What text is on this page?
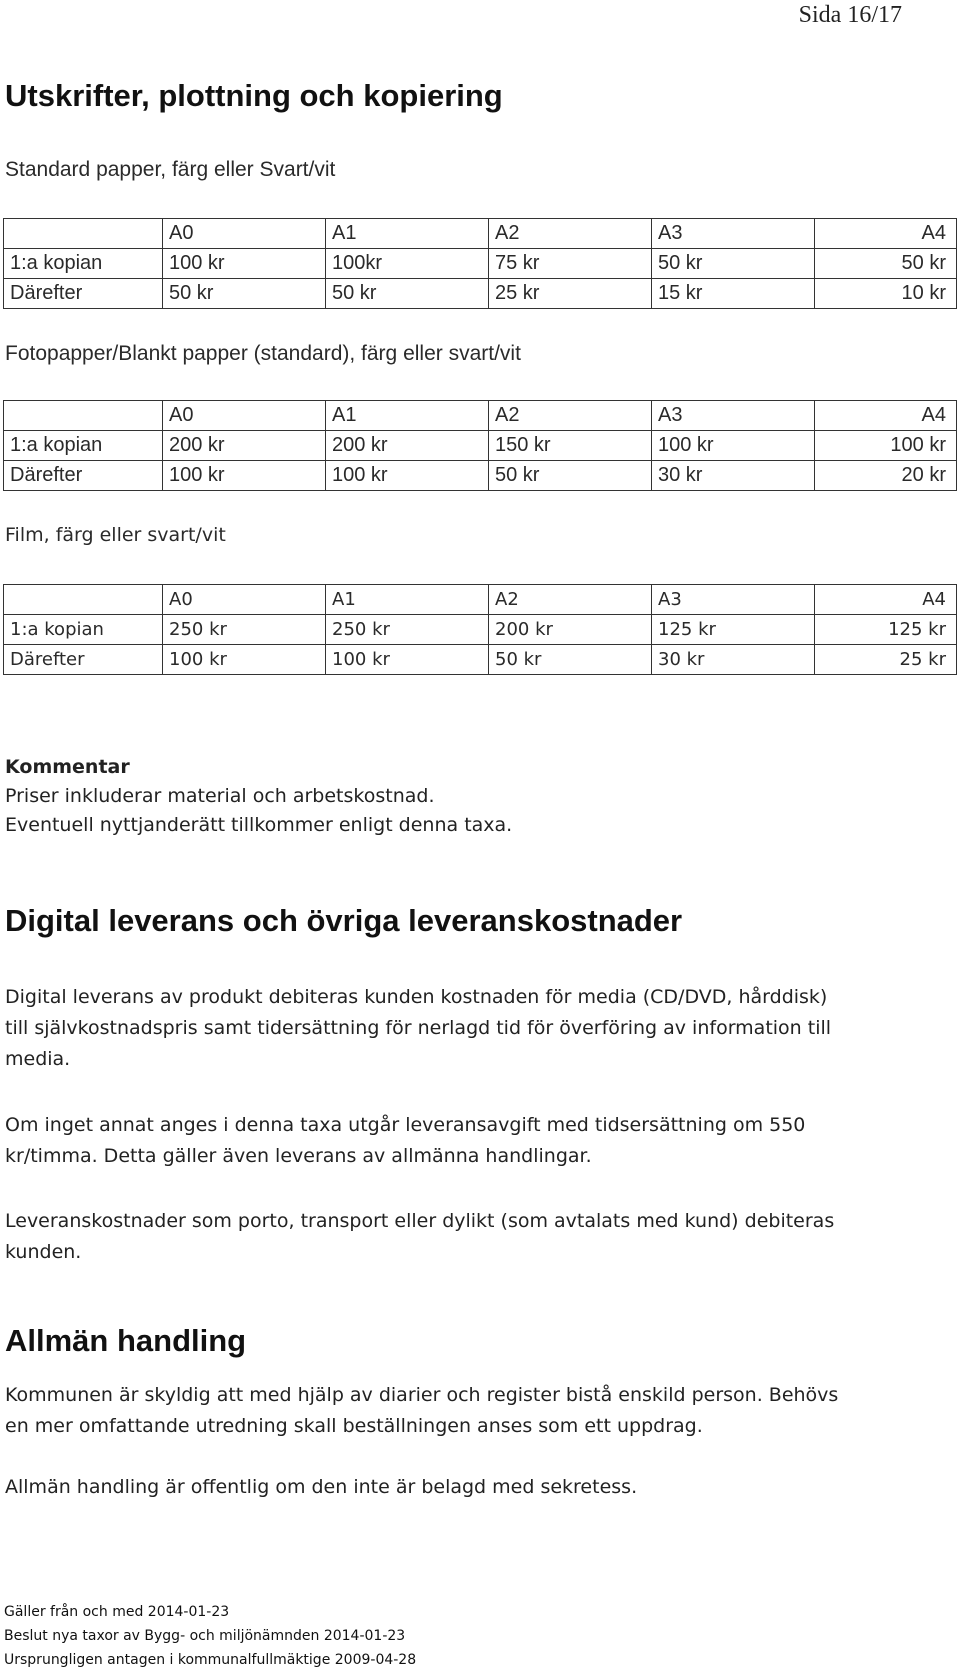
Sida 16/17
Utskrifter, plottning och kopiering

Standard papper, färg eller Svart/vit

	A0	A1	A2	A3	A4
1:a kopian	100 kr	100kr	75 kr	50 kr	50 kr
Därefter	50 kr	50 kr	25 kr	15 kr	10 kr

Fotopapper/Blankt papper (standard), färg eller svart/vit

	A0	A1	A2	A3	A4
1:a kopian	200 kr	200 kr	150 kr	100 kr	100 kr
Därefter	100 kr	100 kr	50 kr	30 kr	20 kr

Film, färg eller svart/vit

	A0	A1	A2	A3	A4
1:a kopian	250 kr	250 kr	200 kr	125 kr	125 kr
Därefter	100 kr	100 kr	50 kr	30 kr	25 kr
Kommentar
Priser inkluderar material och arbetskostnad.
Eventuell nyttjanderätt tillkommer enligt denna taxa.
Digital leverans och övriga leveranskostnader
Digital leverans av produkt debiteras kunden kostnaden för media (CD/DVD, hårddisk)
till självkostnadspris samt tidersättning för nerlagd tid för överföring av information till
media.
Om inget annat anges i denna taxa utgår leveransavgift med tidsersättning om 550
kr/timma. Detta gäller även leverans av allmänna handlingar.
Leveranskostnader som porto, transport eller dylikt (som avtalats med kund) debiteras
kunden.
Allmän handling
Kommunen är skyldig att med hjälp av diarier och register bistå enskild person. Behövs
en mer omfattande utredning skall beställningen anses som ett uppdrag.
Allmän handling är offentlig om den inte är belagd med sekretess.
Gäller från och med 2014-01-23
Beslut nya taxor av Bygg- och miljönämnden 2014-01-23
Ursprungligen antagen i kommunalfullmäktige 2009-04-28
